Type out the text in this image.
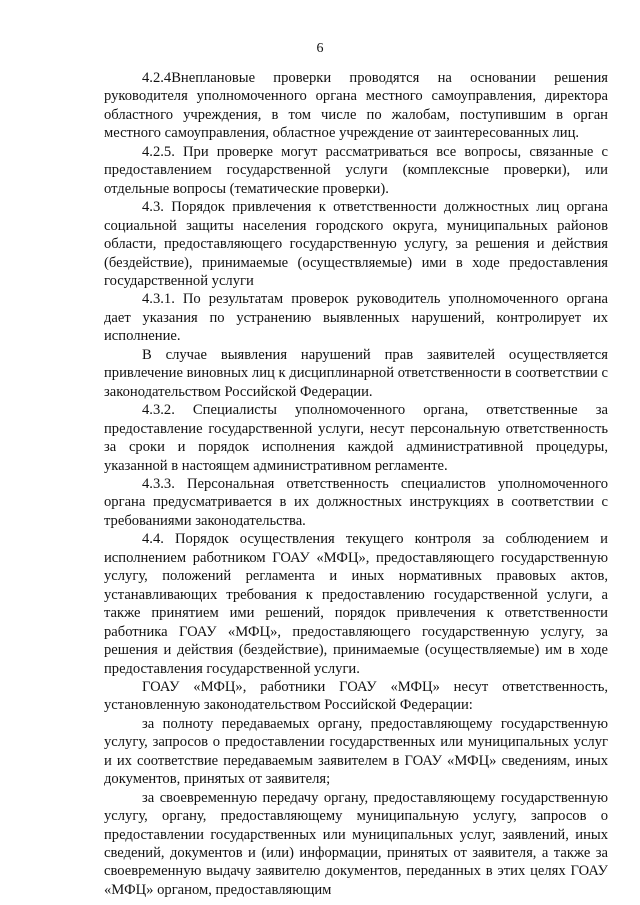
6

4.2.4Внеплановые проверки проводятся на основании решения руководителя уполномоченного органа местного самоуправления, директора областного учреждения, в том числе по жалобам, поступившим в орган местного самоуправления, областное учреждение от заинтересованных лиц.

4.2.5. При проверке могут рассматриваться все вопросы, связанные с предоставлением государственной услуги (комплексные проверки), или отдельные вопросы (тематические проверки).

4.3. Порядок привлечения к ответственности должностных лиц органа социальной защиты населения городского округа, муниципальных районов области, предоставляющего государственную услугу, за решения и действия (бездействие), принимаемые (осуществляемые) ими в ходе предоставления государственной услуги

4.3.1. По результатам проверок руководитель уполномоченного органа дает указания по устранению выявленных нарушений, контролирует их исполнение.

В случае выявления нарушений прав заявителей осуществляется привлечение виновных лиц к дисциплинарной ответственности в соответствии с законодательством Российской Федерации.

4.3.2. Специалисты уполномоченного органа, ответственные за предоставление государственной услуги, несут персональную ответственность за сроки и порядок исполнения каждой административной процедуры, указанной в настоящем административном регламенте.

4.3.3. Персональная ответственность специалистов уполномоченного органа предусматривается в их должностных инструкциях в соответствии с требованиями законодательства.

4.4. Порядок осуществления текущего контроля за соблюдением и исполнением работником ГОАУ «МФЦ», предоставляющего государственную услугу, положений регламента и иных нормативных правовых актов, устанавливающих требования к предоставлению государственной услуги, а также принятием ими решений, порядок привлечения к ответственности работника ГОАУ «МФЦ», предоставляющего государственную услугу, за решения и действия (бездействие), принимаемые (осуществляемые) им в ходе предоставления государственной услуги.

ГОАУ «МФЦ», работники ГОАУ «МФЦ» несут ответственность, установленную законодательством Российской Федерации:

за полноту передаваемых органу, предоставляющему государственную услугу, запросов о предоставлении государственных или муниципальных услуг и их соответствие передаваемым заявителем в ГОАУ «МФЦ» сведениям, иных документов, принятых от заявителя;

за своевременную передачу органу, предоставляющему государственную услугу, органу, предоставляющему муниципальную услугу, запросов о предоставлении государственных или муниципальных услуг, заявлений, иных сведений, документов и (или) информации, принятых от заявителя, а также за своевременную выдачу заявителю документов, переданных в этих целях ГОАУ «МФЦ» органом, предоставляющим
